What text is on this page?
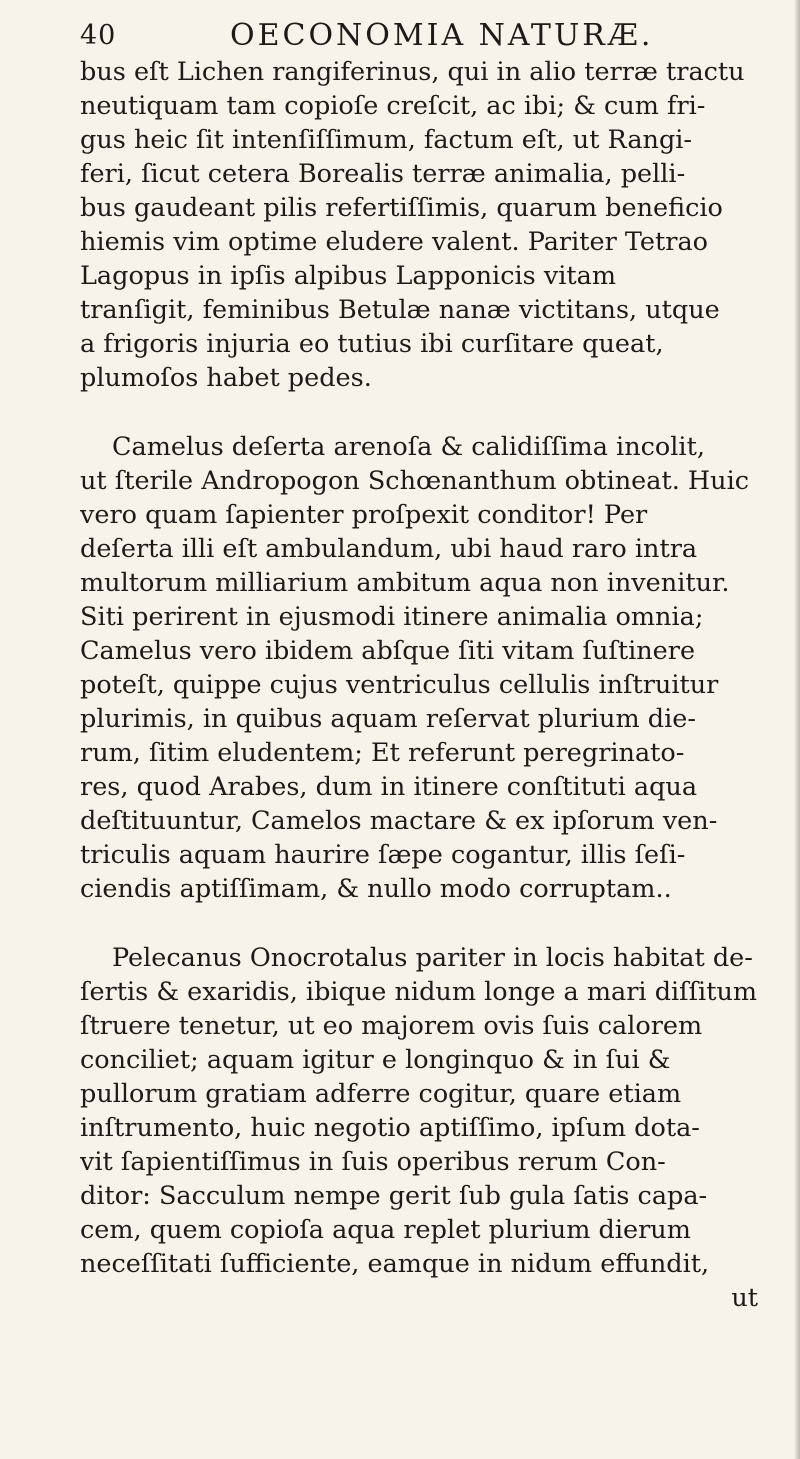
40	OECONOMIA NATURÆ.
bus eſt Lichen rangiferinus, qui in alio terræ tractu
neutiquam tam copioſe creſcit, ac ibi; & cum fri-
gus heic ſit intenſiſſimum, factum eſt, ut Rangi-
feri, ſicut cetera Borealis terræ animalia, pelli-
bus gaudeant pilis refertiſſimis, quarum beneficio
hiemis vim optime eludere valent. Pariter Tetrao
Lagopus in ipſis alpibus Lapponicis vitam
tranſigit, feminibus Betulæ nanæ victitans, utque
a frigoris injuria eo tutius ibi curſitare queat,
plumoſos habet pedes.
Camelus deſerta arenoſa & calidiſſima incolit,
ut ſterile Andropogon Schœnanthum obtineat. Huic
vero quam ſapienter proſpexit conditor! Per
deſerta illi eſt ambulandum, ubi haud raro intra
multorum milliarium ambitum aqua non invenitur.
Siti perirent in ejusmodi itinere animalia omnia;
Camelus vero ibidem abſque ſiti vitam ſuſtinere
poteſt, quippe cujus ventriculus cellulis inſtruitur
plurimis, in quibus aquam reſervat plurium die-
rum, ſitim eludentem; Et referunt peregrinato-
res, quod Arabes, dum in itinere conſtituti aqua
deſtituuntur, Camelos mactare & ex ipſorum ven-
triculis aquam haurire ſæpe cogantur, illis ſeſi-
ciendis aptiſſimam, & nullo modo corruptam..
Pelecanus Onocrotalus pariter in locis habitat de-
ſertis & exaridis, ibique nidum longe a mari diſſitum
ſtruere tenetur, ut eo majorem ovis ſuis calorem
conciliet; aquam igitur e longinquo & in ſui &
pullorum gratiam adferre cogitur, quare etiam
inſtrumento, huic negotio aptiſſimo, ipſum dota-
vit ſapientiſſimus in ſuis operibus rerum Con-
ditor: Sacculum nempe gerit ſub gula ſatis capa-
cem, quem copioſa aqua replet plurium dierum
neceſſitati ſufficiente, eamque in nidum effundit,
ut
